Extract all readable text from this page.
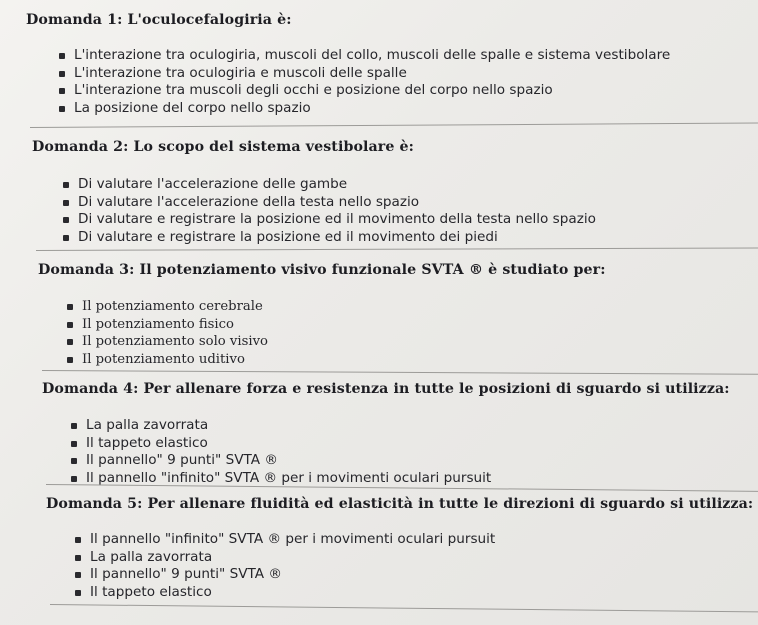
Domanda 1: L'oculocefalogiria è:
L'interazione tra oculogiria, muscoli del collo, muscoli delle spalle e sistema vestibolare
L'interazione tra oculogiria e muscoli delle spalle
L'interazione tra muscoli degli occhi e posizione del corpo nello spazio
La posizione del corpo nello spazio
Domanda 2: Lo scopo del sistema vestibolare è:
Di valutare l'accelerazione delle gambe
Di valutare l'accelerazione della testa nello spazio
Di valutare e registrare la posizione ed il movimento della testa nello spazio
Di valutare e registrare la posizione ed il movimento dei piedi
Domanda 3: Il potenziamento visivo funzionale SVTA ® è studiato per:
Il potenziamento cerebrale
Il potenziamento fisico
Il potenziamento solo visivo
Il potenziamento uditivo
Domanda 4: Per allenare forza e resistenza in tutte le posizioni di sguardo si utilizza:
La palla zavorrata
Il tappeto elastico
Il pannello" 9 punti" SVTA ®
Il pannello "infinito" SVTA ® per i movimenti oculari pursuit
Domanda 5: Per allenare fluidità ed elasticità in tutte le direzioni di sguardo si utilizza:
Il pannello "infinito" SVTA ® per i movimenti oculari pursuit
La palla zavorrata
Il pannello" 9 punti" SVTA ®
Il tappeto elastico
